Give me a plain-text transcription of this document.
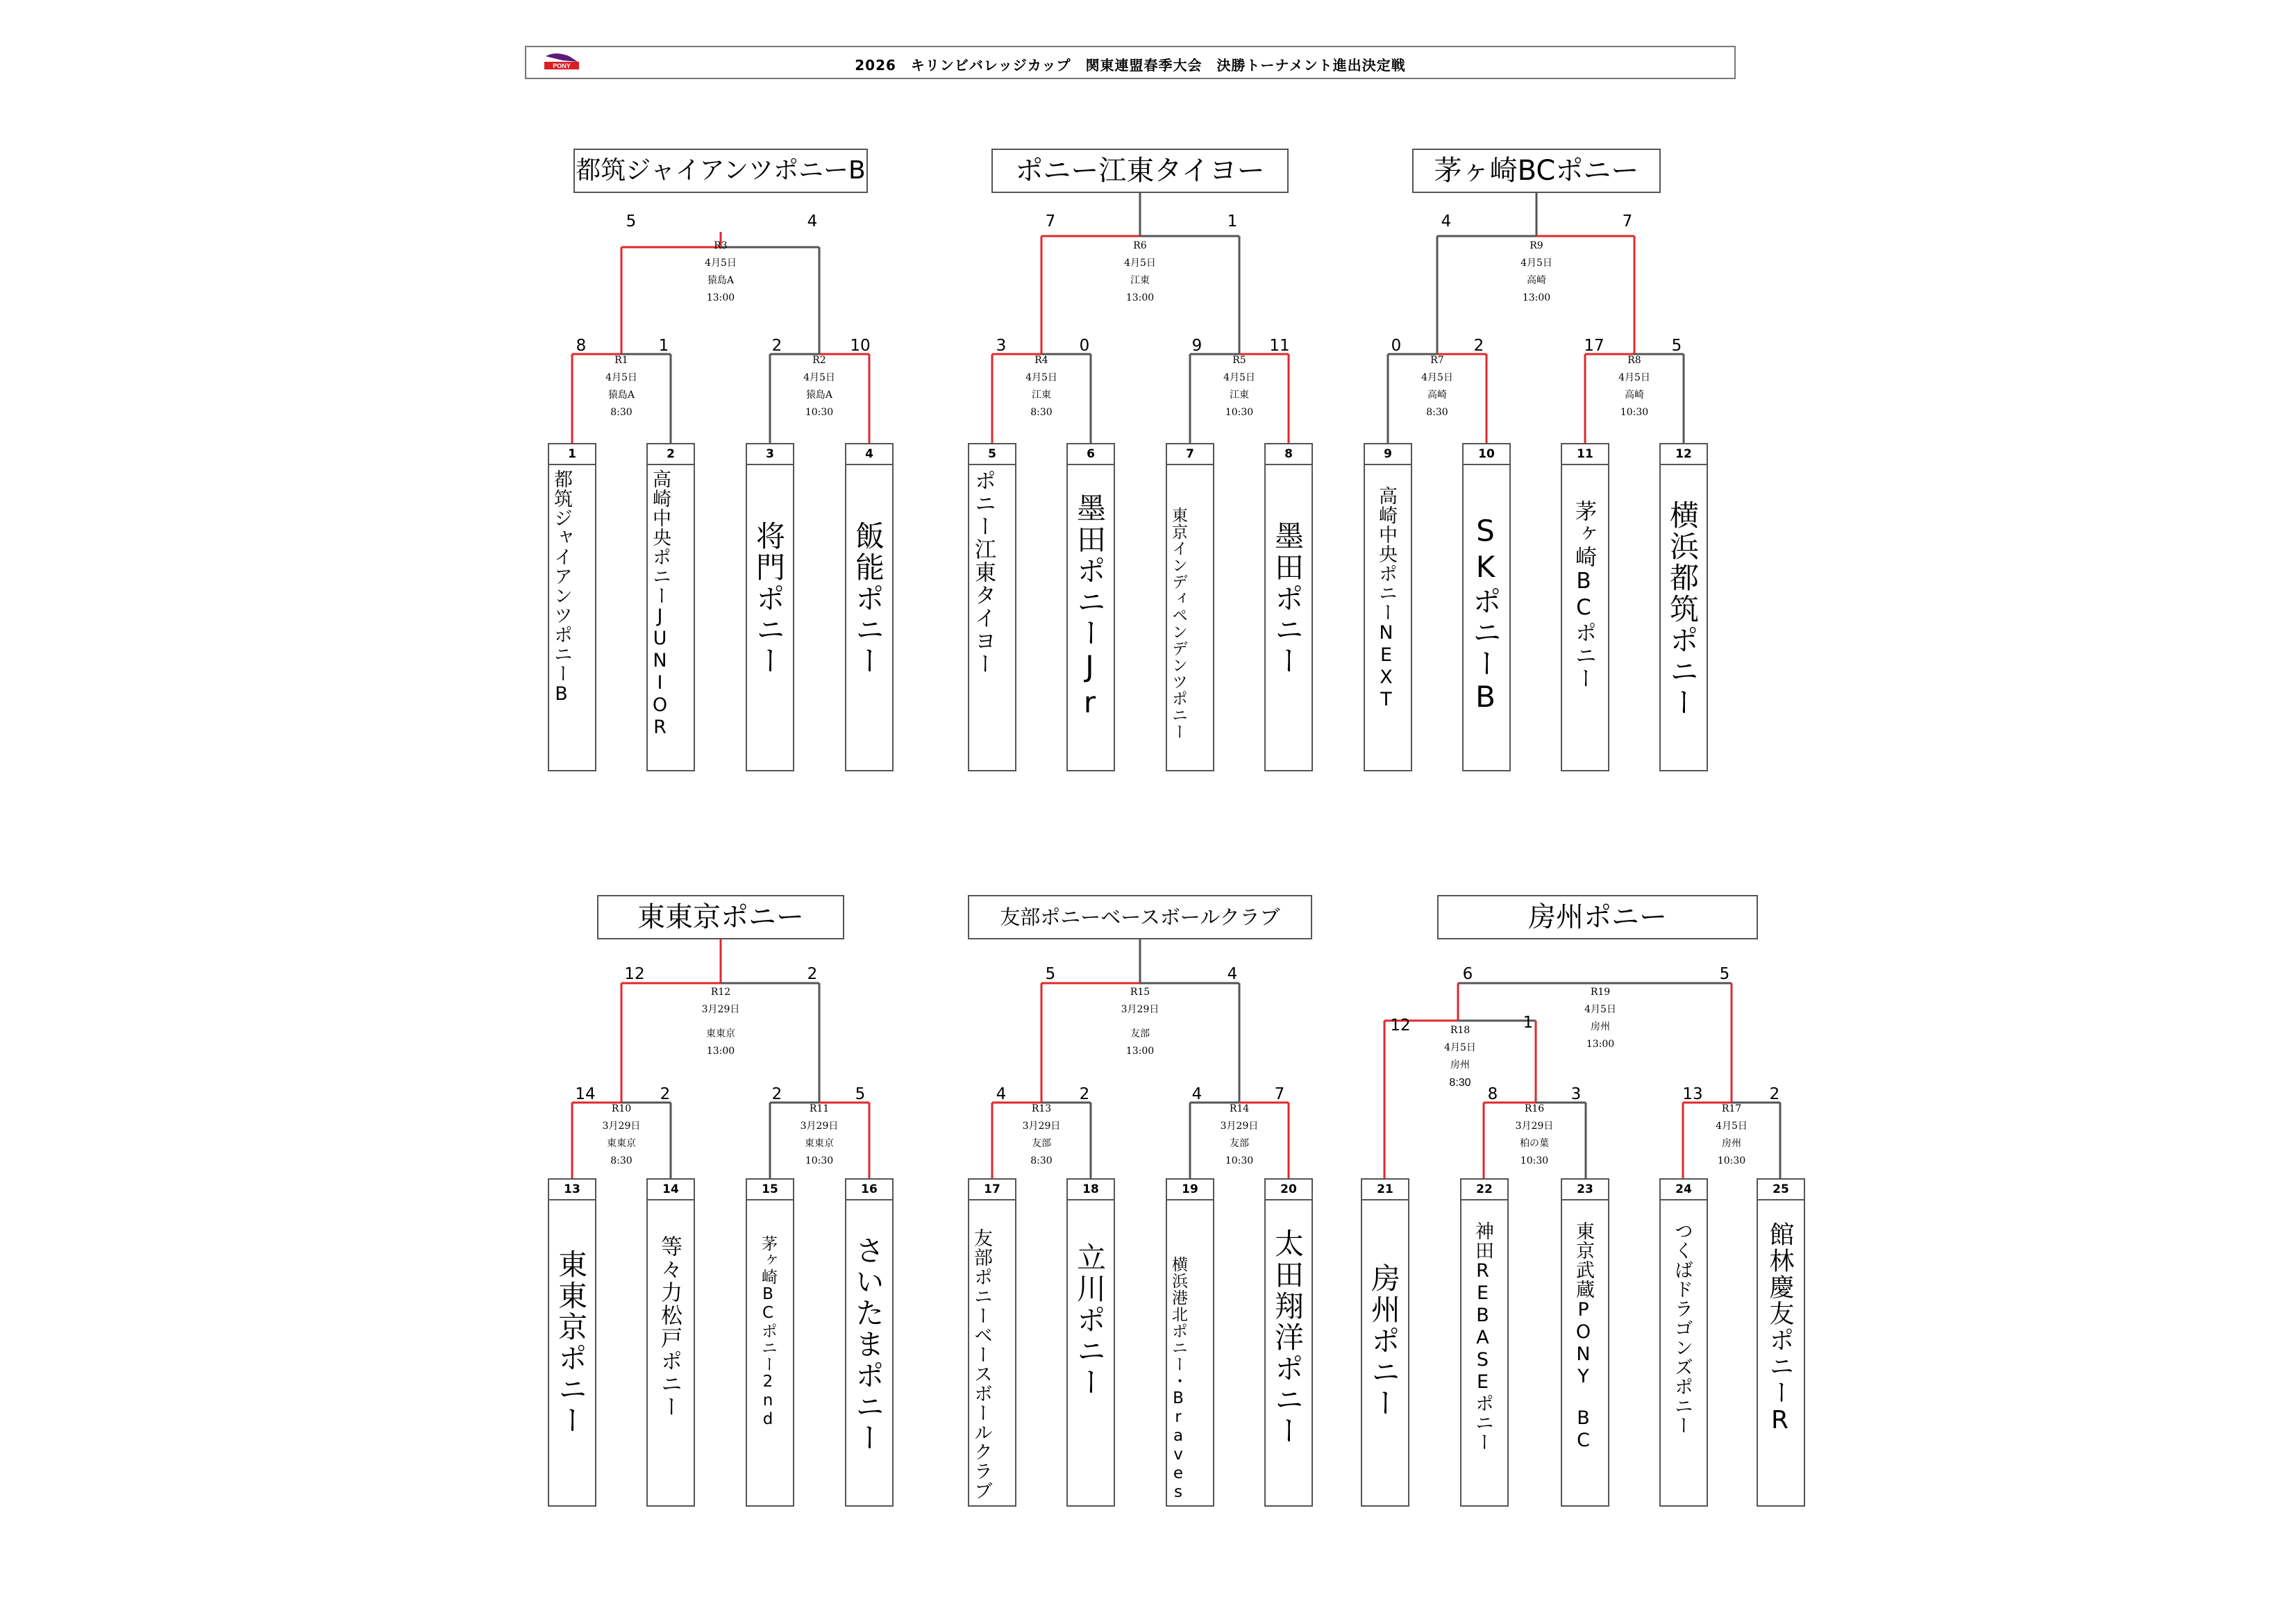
PONY	2026　キリンビバレッジカップ　関東連盟春季大会　決勝トーナメント進出決定戦
都筑ジャイアンツポニーB
5	4
R3
4月5日
猿島A
13:00
8	1
R1
4月5日
猿島A
8:30
2	10
R2
4月5日
猿島A
10:30
1
都筑ジャイアンツポニーB
2
高崎中央ポニーJUNIOR
3
将門ポニー
4
飯能ポニー
ポニー江東タイヨー
7	1
R6
4月5日
江東
13:00
3	0
R4
4月5日
江東
8:30
9	11
R5
4月5日
江東
10:30
5
ポニー江東タイヨー
6
墨田ポニーJr
7
東京インディペンデンツポニー
8
墨田ポニー
茅ヶ崎BCポニー
4	7
R9
4月5日
高崎
13:00
0	2
R7
4月5日
高崎
8:30
17	5
R8
4月5日
高崎
10:30
9
高崎中央ポニーNEXT
10
SKポニーB
11
茅ヶ崎BCポニー
12
横浜都筑ポニー
東東京ポニー
12	2
R12
3月29日
東東京
13:00
14	2
R10
3月29日
東東京
8:30
2	5
R11
3月29日
東東京
10:30
13
東東京ポニー
14
等々力松戸ポニー
15
茅ヶ崎BCポニー2nd
16
さいたまポニー
友部ポニーベースボールクラブ
5	4
R15
3月29日
友部
13:00
4	2
R13
3月29日
友部
8:30
4	7
R14
3月29日
友部
10:30
17
友部ポニーベースボールクラブ
18
立川ポニー
19
横浜港北ポニー・Braves
20
太田翔洋ポニー
房州ポニー
6	5
R19
4月5日
房州
13:00
12	1
R18
4月5日
房州
8:30
8	3
R16
3月29日
柏の葉
10:30
13	2
R17
4月5日
房州
10:30
21
房州ポニー
22
神田REBASEポニー
23
東京武蔵PONY　BC
24
つくばドラゴンズポニー
25
館林慶友ポニーR
